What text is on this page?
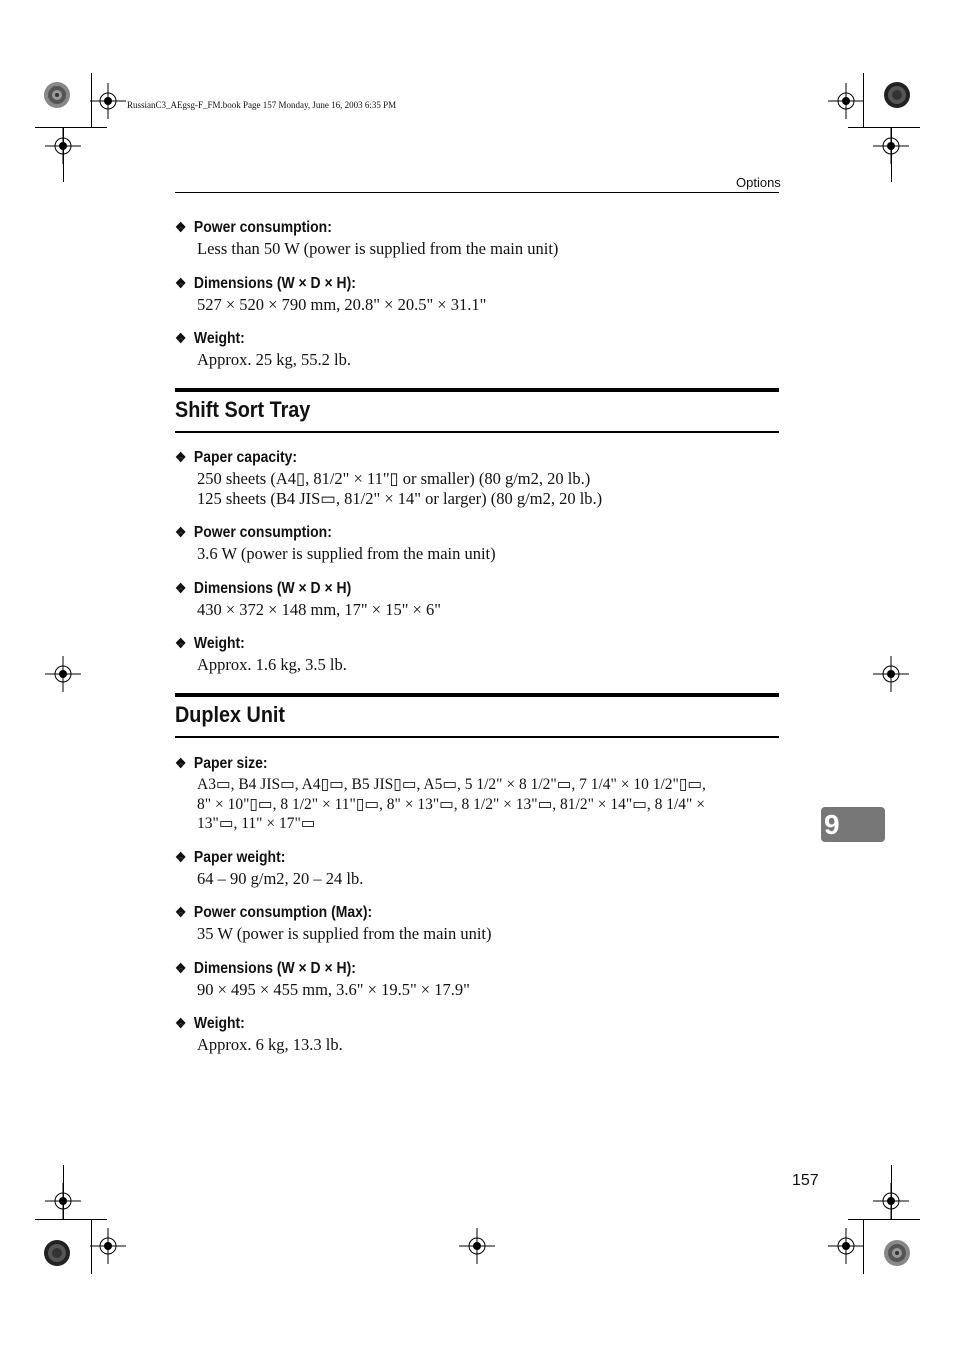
RussianC3_AEgsg-F_FM.book Page 157 Monday, June 16, 2003 6:35 PM
Options
❖ Power consumption:
Less than 50 W (power is supplied from the main unit)
❖ Dimensions (W × D × H):
527 × 520 × 790 mm, 20.8" × 20.5" × 31.1"
❖ Weight:
Approx. 25 kg, 55.2 lb.
Shift Sort Tray
❖ Paper capacity:
250 sheets (A4▯, 81/2" × 11"▯ or smaller) (80 g/m2, 20 lb.)
125 sheets (B4 JIS▭, 81/2" × 14" or larger) (80 g/m2, 20 lb.)
❖ Power consumption:
3.6 W (power is supplied from the main unit)
❖ Dimensions (W × D × H)
430 × 372 × 148 mm, 17" × 15" × 6"
❖ Weight:
Approx. 1.6 kg, 3.5 lb.
Duplex Unit
❖ Paper size:
A3▭, B4 JIS▭, A4▯▭, B5 JIS▯▭, A5▭, 5 1/2" × 8 1/2"▭, 7 1/4" × 10 1/2"▯▭,
8" × 10"▯▭, 8 1/2" × 11"▯▭, 8" × 13"▭, 8 1/2" × 13"▭, 81/2" × 14"▭, 8 1/4" ×
13"▭, 11" × 17"▭
❖ Paper weight:
64 – 90 g/m2, 20 – 24 lb.
❖ Power consumption (Max):
35 W (power is supplied from the main unit)
❖ Dimensions (W × D × H):
90 × 495 × 455 mm, 3.6" × 19.5" × 17.9"
❖ Weight:
Approx. 6 kg, 13.3 lb.
9
157
